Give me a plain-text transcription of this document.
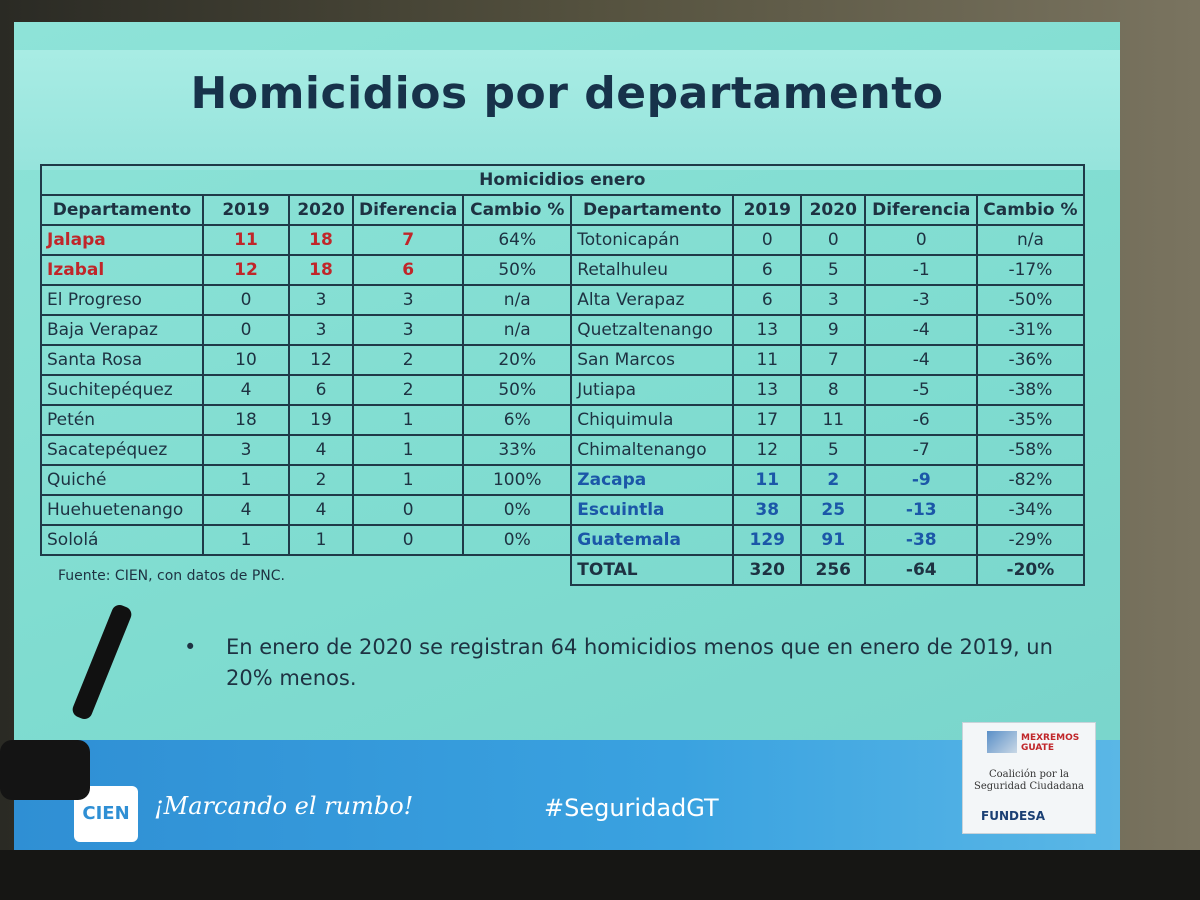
Homicidios por departamento
Homicidios enero									
Departamento	2019	2020	Diferencia	Cambio %	Departamento	2019	2020	Diferencia	Cambio %
Jalapa	11	18	7	64%	Totonicapán	0	0	0	n/a
Izabal	12	18	6	50%	Retalhuleu	6	5	-1	-17%
El Progreso	0	3	3	n/a	Alta Verapaz	6	3	-3	-50%
Baja Verapaz	0	3	3	n/a	Quetzaltenango	13	9	-4	-31%
Santa Rosa	10	12	2	20%	San Marcos	11	7	-4	-36%
Suchitepéquez	4	6	2	50%	Jutiapa	13	8	-5	-38%
Petén	18	19	1	6%	Chiquimula	17	11	-6	-35%
Sacatepéquez	3	4	1	33%	Chimaltenango	12	5	-7	-58%
Quiché	1	2	1	100%	Zacapa	11	2	-9	-82%
Huehuetenango	4	4	0	0%	Escuintla	38	25	-13	-34%
Sololá	1	1	0	0%	Guatemala	129	91	-38	-29%
					TOTAL	320	256	-64	-20%
Fuente: CIEN, con datos de PNC.
• En enero de 2020 se registran 64 homicidios menos que en enero de 2019, un 20% menos.
CIEN	¡Marcando el rumbo!	#SeguridadGT
MEXREMOS GUATE
Coalición por la Seguridad Ciudadana
FUNDESA
